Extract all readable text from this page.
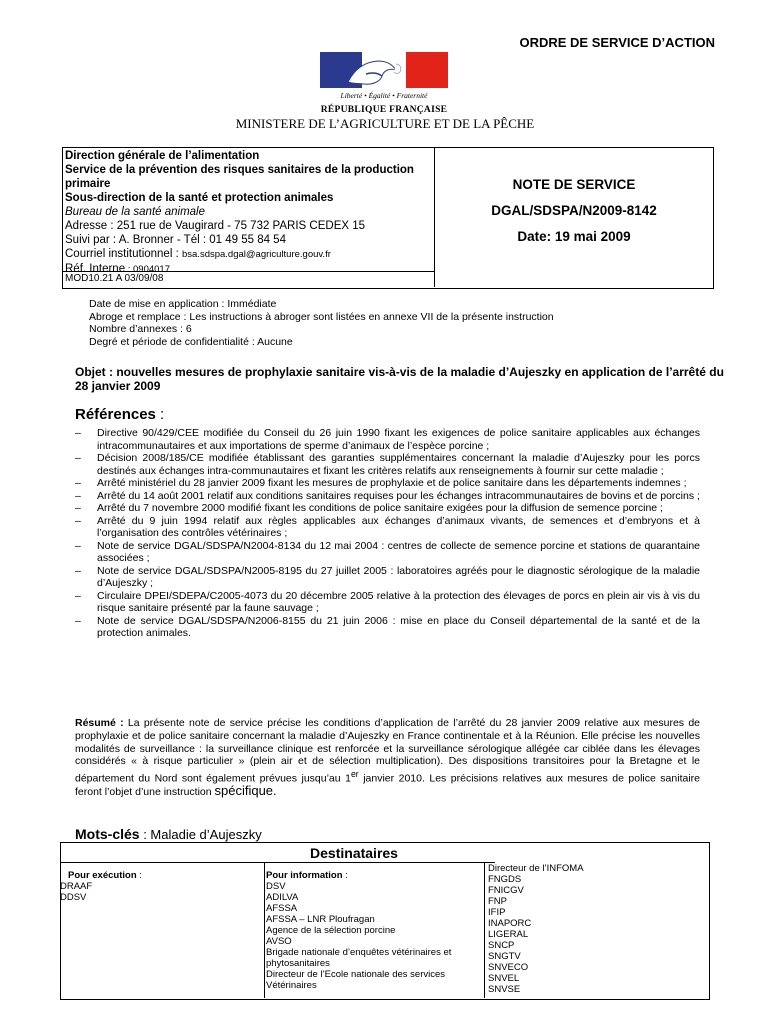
ORDRE DE SERVICE D’ACTION
Liberté • Égalité • Fraternité
RÉPUBLIQUE FRANÇAISE
MINISTERE DE L’AGRICULTURE ET DE LA PÊCHE
Direction générale de l’alimentation
Service de la prévention des risques sanitaires de la production primaire
Sous-direction de la santé et protection animales
Bureau de la santé animale
Adresse : 251 rue de Vaugirard - 75 732 PARIS CEDEX 15
Suivi par : A. Bronner - Tél : 01 49 55 84 54
Courriel institutionnel : bsa.sdspa.dgal@agriculture.gouv.fr
Réf. Interne : 0904017
MOD10.21 A 03/09/08
NOTE DE SERVICE
DGAL/SDSPA/N2009-8142
Date: 19 mai 2009
Date de mise en application : Immédiate
Abroge et remplace : Les instructions à abroger sont listées en annexe VII de la présente instruction
Nombre d’annexes : 6
Degré et période de confidentialité : Aucune
Objet : nouvelles mesures de prophylaxie sanitaire vis-à-vis de la maladie d’Aujeszky en application de l’arrêté du 28 janvier 2009
Références :
– Directive 90/429/CEE modifiée du Conseil du 26 juin 1990 fixant les exigences de police sanitaire applicables aux échanges intracommunautaires et aux importations de sperme d’animaux de l’espèce porcine ;
– Décision 2008/185/CE modifiée établissant des garanties supplémentaires concernant la maladie d’Aujeszky pour les porcs destinés aux échanges intra-communautaires et fixant les critères relatifs aux renseignements à fournir sur cette maladie ;
– Arrêté ministériel du 28 janvier 2009 fixant les mesures de prophylaxie et de police sanitaire dans les départements indemnes ;
– Arrêté du 14 août 2001 relatif aux conditions sanitaires requises pour les échanges intracommunautaires de bovins et de porcins ;
– Arrêté du 7 novembre 2000 modifié fixant les conditions de police sanitaire exigées pour la diffusion de semence porcine ;
– Arrêté du 9 juin 1994 relatif aux règles applicables aux échanges d’animaux vivants, de semences et d’embryons et à l’organisation des contrôles vétérinaires ;
– Note de service DGAL/SDSPA/N2004-8134 du 12 mai 2004 : centres de collecte de semence porcine et stations de quarantaine associées ;
– Note de service DGAL/SDSPA/N2005-8195 du 27 juillet 2005 : laboratoires agréés pour le diagnostic sérologique de la maladie d’Aujeszky ;
– Circulaire DPEI/SDEPA/C2005-4073 du 20 décembre 2005 relative à la protection des élevages de porcs en plein air vis à vis du risque sanitaire présenté par la faune sauvage ;
– Note de service DGAL/SDSPA/N2006-8155 du 21 juin 2006 : mise en place du Conseil départemental de la santé et de la protection animales.
Résumé : La présente note de service précise les conditions d’application de l’arrêté du 28 janvier 2009 relative aux mesures de prophylaxie et de police sanitaire concernant la maladie d’Aujeszky en France continentale et à la Réunion. Elle précise les nouvelles modalités de surveillance : la surveillance clinique est renforcée et la surveillance sérologique allégée car ciblée dans les élevages considérés « à risque particulier » (plein air et de sélection multiplication). Des dispositions transitoires pour la Bretagne et le département du Nord sont également prévues jusqu’au 1er janvier 2010. Les précisions relatives aux mesures de police sanitaire feront l’objet d’une instruction spécifique.
Mots-clés : Maladie d’Aujeszky
Destinataires
Pour exécution :
DRAAF
DDSV
Pour information :
DSV
ADILVA
AFSSA
AFSSA – LNR Ploufragan
Agence de la sélection porcine
AVSO
Brigade nationale d’enquêtes vétérinaires et phytosanitaires
Directeur de l’Ecole nationale des services Vétérinaires
Directeur de l’INFOMA
FNGDS
FNICGV
FNP
IFIP
INAPORC
LIGERAL
SNCP
SNGTV
SNVECO
SNVEL
SNVSE
